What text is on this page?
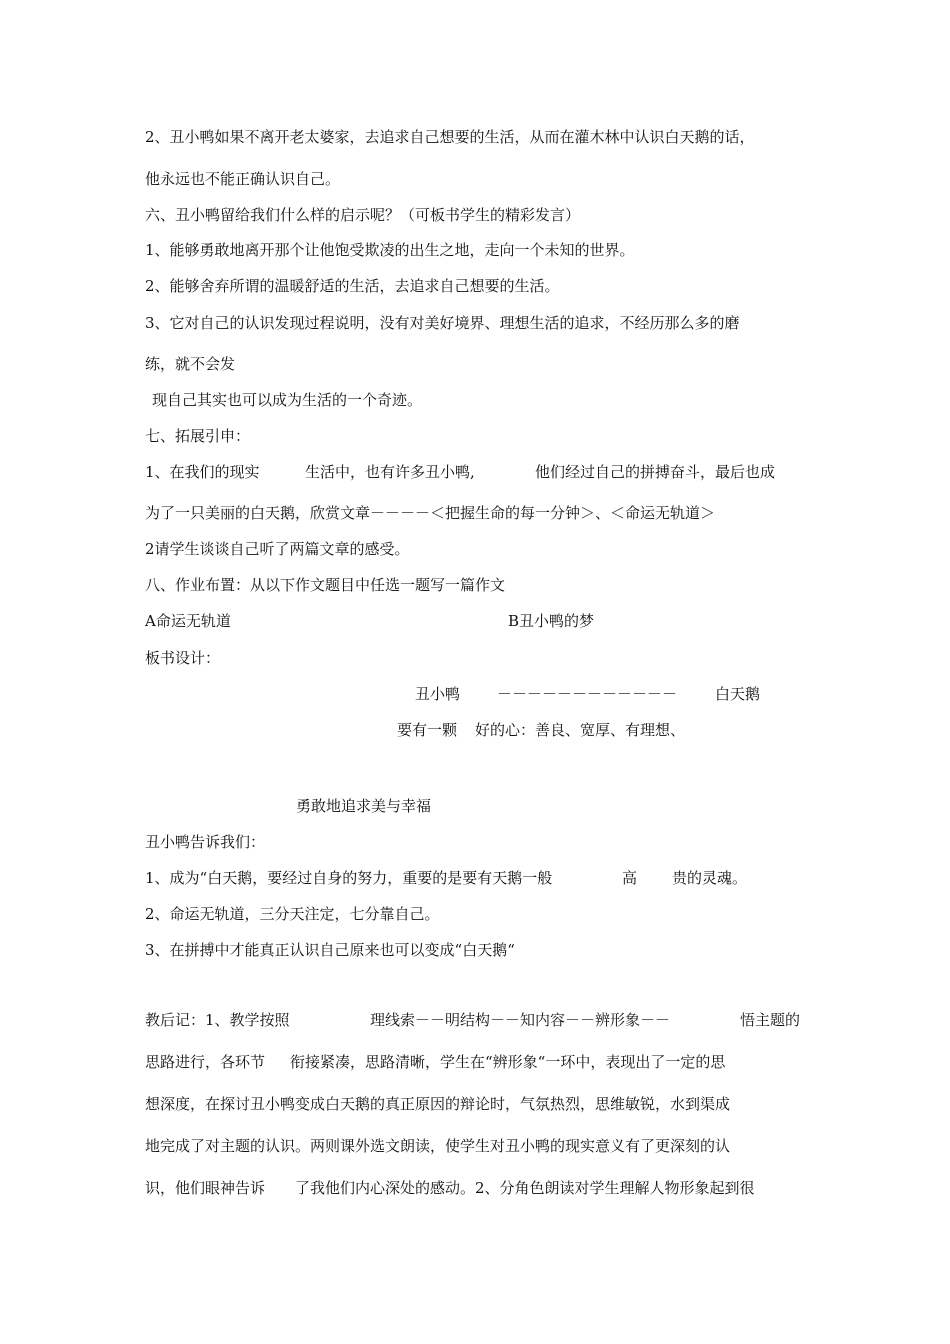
2、丑小鸭如果不离开老太婆家，去追求自己想要的生活，从而在灌木林中认识白天鹅的话，
他永远也不能正确认识自己。
六、丑小鸭留给我们什么样的启示呢？（可板书学生的精彩发言）
1、能够勇敢地离开那个让他饱受欺凌的出生之地，走向一个未知的世界。
2、能够舍弃所谓的温暖舒适的生活，去追求自己想要的生活。
3、它对自己的认识发现过程说明，没有对美好境界、理想生活的追求，不经历那么多的磨
练，就不会发
现自己其实也可以成为生活的一个奇迹。
七、拓展引申：
1、在我们的现实	生活中，也有许多丑小鸭,	他们经过自己的拼搏奋斗，最后也成
为了一只美丽的白天鹅，欣赏文章－－－－＜把握生命的每一分钟＞、＜命运无轨道＞
2请学生谈谈自己听了两篇文章的感受。
八、作业布置：从以下作文题目中任选一题写一篇作文
A命运无轨道	B丑小鸭的梦
板书设计：
丑小鸭 －－－－－－－－－－－－	白天鹅
要有一颗 好的心：善良、宽厚、有理想、
勇敢地追求美与幸福
丑小鸭告诉我们：
1、成为“白天鹅，要经过自身的努力，重要的是要有天鹅一般	高 贵的灵魂。
2、命运无轨道，三分天注定，七分靠自己。
3、在拼搏中才能真正认识自己原来也可以变成“白天鹅“
教后记：1、教学按照	理线索－－明结构－－知内容－－辨形象－－	悟主题的
思路进行，各环节 衔接紧凑，思路清晰，学生在“辨形象“一环中，表现出了一定的思
想深度，在探讨丑小鸭变成白天鹅的真正原因的辩论时，气氛热烈，思维敏锐，水到渠成
地完成了对主题的认识。两则课外选文朗读，使学生对丑小鸭的现实意义有了更深刻的认
识，他们眼神告诉 了我他们内心深处的感动。2、分角色朗读对学生理解人物形象起到很
